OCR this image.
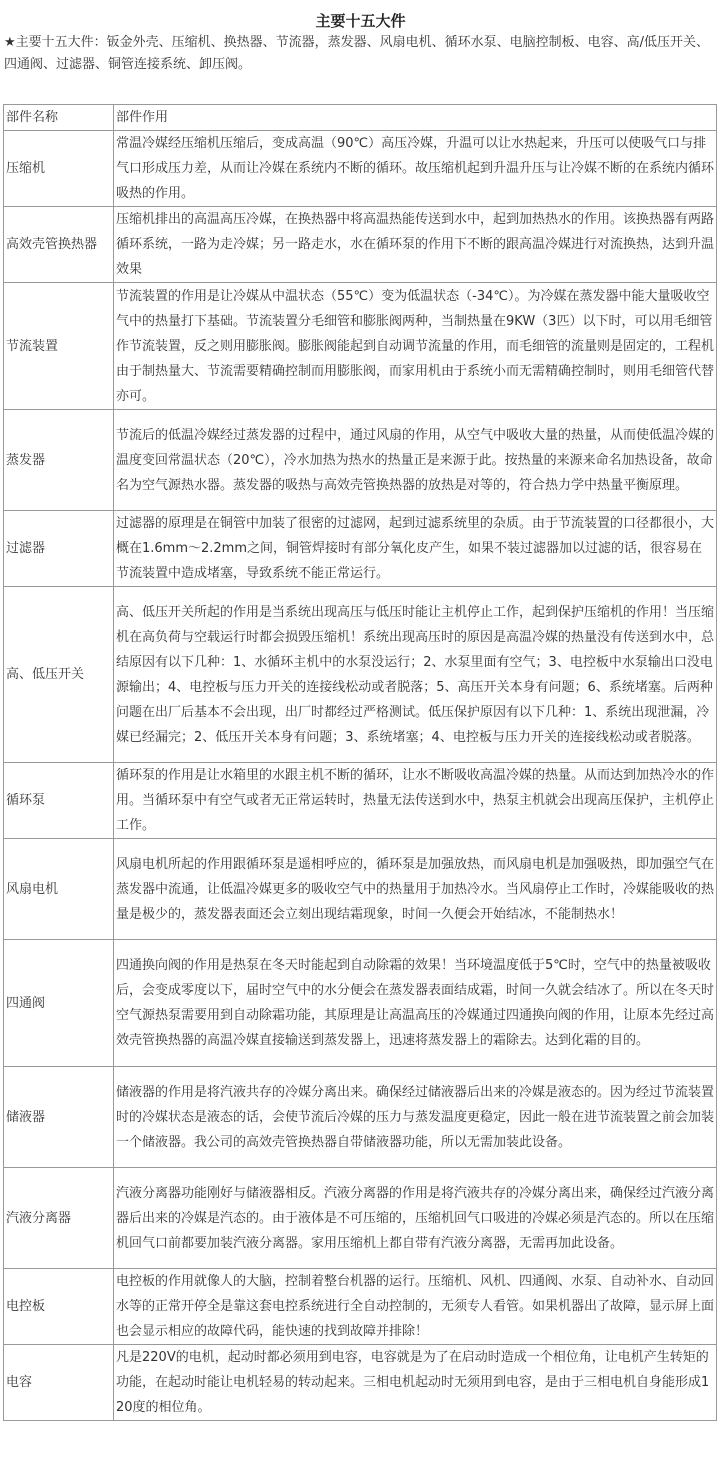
主要十五大件

★主要十五大件：钣金外壳、压缩机、换热器、节流器，蒸发器、风扇电机、循环水泵、电脑控制板、电容、高/低压开关、四通阀、过滤器、铜管连接系统、卸压阀。

部件名称	部件作用
压缩机	常温冷媒经压缩机压缩后，变成高温（90℃）高压冷媒，升温可以让水热起来，升压可以使吸气口与排气口形成压力差，从而让冷媒在系统内不断的循环。故压缩机起到升温升压与让冷媒不断的在系统内循环吸热的作用。
高效壳管换热器	压缩机排出的高温高压冷媒，在换热器中将高温热能传送到水中，起到加热热水的作用。该换热器有两路循环系统，一路为走冷媒；另一路走水，水在循环泵的作用下不断的跟高温冷媒进行对流换热，达到升温效果
节流装置	节流装置的作用是让冷媒从中温状态（55℃）变为低温状态（-34℃）。为冷媒在蒸发器中能大量吸收空气中的热量打下基础。节流装置分毛细管和膨胀阀两种，当制热量在9KW（3匹）以下时，可以用毛细管作节流装置，反之则用膨胀阀。膨胀阀能起到自动调节流量的作用，而毛细管的流量则是固定的，工程机由于制热量大、节流需要精确控制而用膨胀阀，而家用机由于系统小而无需精确控制时，则用毛细管代替亦可。
蒸发器	节流后的低温冷媒经过蒸发器的过程中，通过风扇的作用，从空气中吸收大量的热量，从而使低温冷媒的温度变回常温状态（20℃），冷水加热为热水的热量正是来源于此。按热量的来源来命名加热设备，故命名为空气源热水器。蒸发器的吸热与高效壳管换热器的放热是对等的，符合热力学中热量平衡原理。
过滤器	过滤器的原理是在铜管中加装了很密的过滤网，起到过滤系统里的杂质。由于节流装置的口径都很小，大概在1.6mm～2.2mm之间，铜管焊接时有部分氧化皮产生，如果不装过滤器加以过滤的话，很容易在节流装置中造成堵塞，导致系统不能正常运行。
高、低压开关	高、低压开关所起的作用是当系统出现高压与低压时能让主机停止工作，起到保护压缩机的作用！当压缩机在高负荷与空载运行时都会损毁压缩机！系统出现高压时的原因是高温冷媒的热量没有传送到水中，总结原因有以下几种：1、水循环主机中的水泵没运行；2、水泵里面有空气；3、电控板中水泵输出口没电源输出；4、电控板与压力开关的连接线松动或者脱落；5、高压开关本身有问题；6、系统堵塞。后两种问题在出厂后基本不会出现，出厂时都经过严格测试。低压保护原因有以下几种：1、系统出现泄漏，冷媒已经漏完；2、低压开关本身有问题；3、系统堵塞；4、电控板与压力开关的连接线松动或者脱落。
循环泵	循环泵的作用是让水箱里的水跟主机不断的循环，让水不断吸收高温冷媒的热量。从而达到加热冷水的作用。当循环泵中有空气或者无正常运转时，热量无法传送到水中，热泵主机就会出现高压保护，主机停止工作。
风扇电机	风扇电机所起的作用跟循环泵是遥相呼应的，循环泵是加强放热，而风扇电机是加强吸热，即加强空气在蒸发器中流通，让低温冷媒更多的吸收空气中的热量用于加热冷水。当风扇停止工作时，冷媒能吸收的热量是极少的，蒸发器表面还会立刻出现结霜现象，时间一久便会开始结冰，不能制热水！
四通阀	四通换向阀的作用是热泵在冬天时能起到自动除霜的效果！当环境温度低于5℃时，空气中的热量被吸收后，会变成零度以下，届时空气中的水分便会在蒸发器表面结成霜，时间一久就会结冰了。所以在冬天时空气源热泵需要用到自动除霜功能，其原理是让高温高压的冷媒通过四通换向阀的作用，让原本先经过高效壳管换热器的高温冷媒直接输送到蒸发器上，迅速将蒸发器上的霜除去。达到化霜的目的。
储液器	储液器的作用是将汽液共存的冷媒分离出来。确保经过储液器后出来的冷媒是液态的。因为经过节流装置时的冷媒状态是液态的话，会使节流后冷媒的压力与蒸发温度更稳定，因此一般在进节流装置之前会加装一个储液器。我公司的高效壳管换热器自带储液器功能，所以无需加装此设备。
汽液分离器	汽液分离器功能刚好与储液器相反。汽液分离器的作用是将汽液共存的冷媒分离出来，确保经过汽液分离器后出来的冷媒是汽态的。由于液体是不可压缩的，压缩机回气口吸进的冷媒必须是汽态的。所以在压缩机回气口前都要加装汽液分离器。家用压缩机上都自带有汽液分离器，无需再加此设备。
电控板	电控板的作用就像人的大脑，控制着整台机器的运行。压缩机、风机、四通阀、水泵、自动补水、自动回水等的正常开停全是靠这套电控系统进行全自动控制的，无须专人看管。如果机器出了故障，显示屏上面也会显示相应的故障代码，能快速的找到故障并排除！
电容	凡是220V的电机，起动时都必须用到电容，电容就是为了在启动时造成一个相位角，让电机产生转矩的功能，在起动时能让电机轻易的转动起来。三相电机起动时无须用到电容，是由于三相电机自身能形成120度的相位角。
